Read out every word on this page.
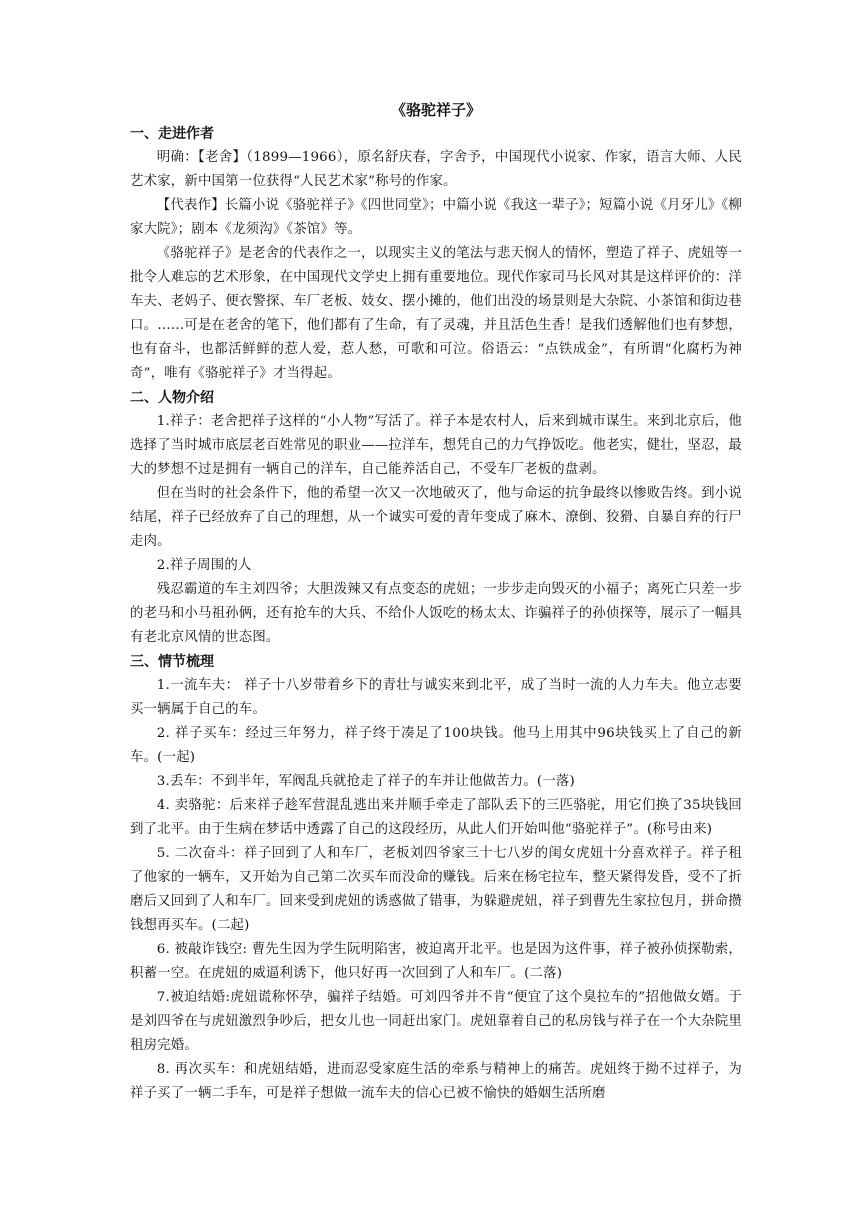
《骆驼祥子》
一、走进作者

明确：【老舍】（1899—1966），原名舒庆春，字舍予，中国现代小说家、作家，语言大师、人民艺术家，新中国第一位获得“人民艺术家”称号的作家。

【代表作】长篇小说《骆驼祥子》《四世同堂》；中篇小说《我这一辈子》；短篇小说《月牙儿》《柳家大院》；剧本《龙须沟》《茶馆》等。

《骆驼祥子》是老舍的代表作之一，以现实主义的笔法与悲天悯人的情怀，塑造了祥子、虎妞等一批令人难忘的艺术形象，在中国现代文学史上拥有重要地位。现代作家司马长风对其是这样评价的：洋车夫、老妈子、便衣警探、车厂老板、妓女、摆小摊的，他们出没的场景则是大杂院、小茶馆和街边巷口。……可是在老舍的笔下，他们都有了生命，有了灵魂，并且活色生香！是我们透解他们也有梦想，也有奋斗，也都活鲜鲜的惹人爱，惹人愁，可歌和可泣。俗语云：“点铁成金”，有所谓“化腐朽为神奇”，唯有《骆驼祥子》才当得起。

二、人物介绍

1.祥子：老舍把祥子这样的“小人物”写活了。祥子本是农村人，后来到城市谋生。来到北京后，他选择了当时城市底层老百姓常见的职业——拉洋车，想凭自己的力气挣饭吃。他老实，健壮，坚忍，最大的梦想不过是拥有一辆自己的洋车，自己能养活自己，不受车厂老板的盘剥。

但在当时的社会条件下，他的希望一次又一次地破灭了，他与命运的抗争最终以惨败告终。到小说结尾，祥子已经放弃了自己的理想，从一个诚实可爱的青年变成了麻木、潦倒、狡猾、自暴自弃的行尸走肉。

2.祥子周围的人

残忍霸道的车主刘四爷；大胆泼辣又有点变态的虎妞；一步步走向毁灭的小福子；离死亡只差一步的老马和小马祖孙俩，还有抢车的大兵、不给仆人饭吃的杨太太、诈骗祥子的孙侦探等，展示了一幅具有老北京风情的世态图。

三、情节梳理

1.一流车夫： 祥子十八岁带着乡下的青壮与诚实来到北平，成了当时一流的人力车夫。他立志要买一辆属于自己的车。

2. 祥子买车：经过三年努力，祥子终于凑足了100块钱。他马上用其中96块钱买上了自己的新车。(一起)

3.丢车：不到半年，军阀乱兵就抢走了祥子的车并让他做苦力。(一落)

4. 卖骆驼：后来祥子趁军营混乱逃出来并顺手牵走了部队丢下的三匹骆驼，用它们换了35块钱回到了北平。由于生病在梦话中透露了自己的这段经历，从此人们开始叫他“骆驼祥子”。(称号由来)

5. 二次奋斗：祥子回到了人和车厂，老板刘四爷家三十七八岁的闺女虎妞十分喜欢祥子。祥子租了他家的一辆车，又开始为自己第二次买车而没命的赚钱。后来在杨宅拉车，整天紧得发昏，受不了折磨后又回到了人和车厂。回来受到虎妞的诱惑做了错事，为躲避虎妞，祥子到曹先生家拉包月，拼命攒钱想再买车。(二起)

6. 被敲诈钱空: 曹先生因为学生阮明陷害，被迫离开北平。也是因为这件事，祥子被孙侦探勒索，积蓄一空。在虎妞的威逼利诱下，他只好再一次回到了人和车厂。(二落)

7.被迫结婚:虎妞谎称怀孕，骗祥子结婚。可刘四爷并不肯“便宜了这个臭拉车的”招他做女婿。于是刘四爷在与虎妞激烈争吵后，把女儿也一同赶出家门。虎妞靠着自己的私房钱与祥子在一个大杂院里租房完婚。

8. 再次买车：和虎妞结婚，进而忍受家庭生活的牵系与精神上的痛苦。虎妞终于拗不过祥子，为祥子买了一辆二手车，可是祥子想做一流车夫的信心已被不愉快的婚姻生活所磨
